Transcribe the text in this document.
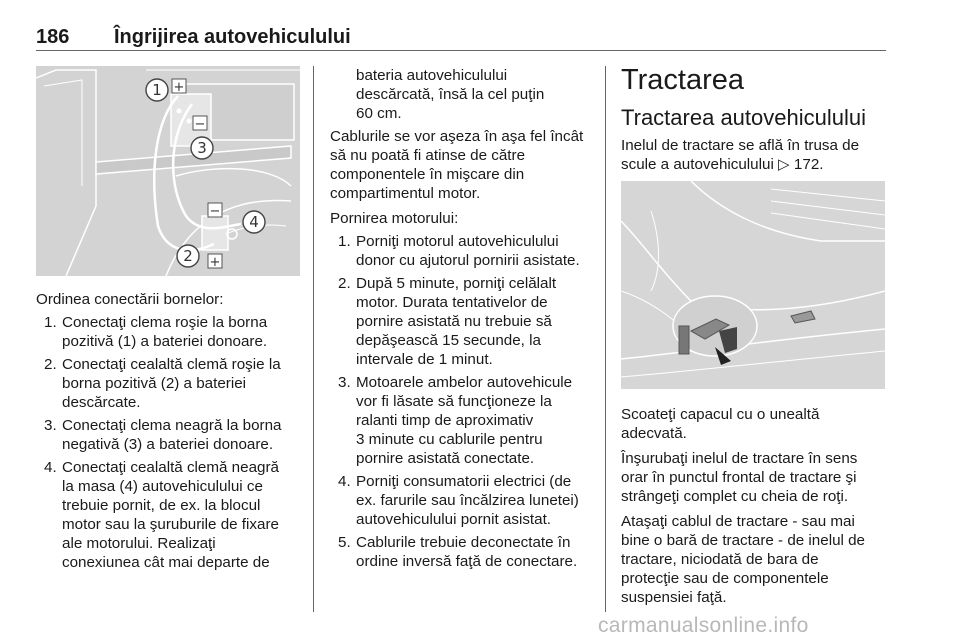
186 Îngrijirea autovehiculului
+
−
−
+
1
3
2
4

Ordinea conectării bornelor:

1. Conectaţi clema roşie la borna
pozitivă (1) a bateriei donoare.
2. Conectaţi cealaltă clemă roşie la
borna pozitivă (2) a bateriei
descărcate.
3. Conectaţi clema neagră la borna
negativă (3) a bateriei donoare.
4. Conectaţi cealaltă clemă neagră
la masa (4) autovehiculului ce
trebuie pornit, de ex. la blocul
motor sau la şuruburile de fixare
ale motorului. Realizaţi
conexiunea cât mai departe de

bateria autovehiculului
descărcată, însă la cel puţin
60 cm.

Cablurile se vor aşeza în aşa fel încât
să nu poată fi atinse de către
componentele în mişcare din
compartimentul motor.

Pornirea motorului:

1. Porniţi motorul autovehiculului
donor cu ajutorul pornirii asistate.
2. După 5 minute, porniţi celălalt
motor. Durata tentativelor de
pornire asistată nu trebuie să
depăşească 15 secunde, la
intervale de 1 minut.
3. Motoarele ambelor autovehicule
vor fi lăsate să funcţioneze la
ralanti timp de aproximativ
3 minute cu cablurile pentru
pornire asistată conectate.
4. Porniţi consumatorii electrici (de
ex. farurile sau încălzirea lunetei)
autovehiculului pornit asistat.
5. Cablurile trebuie deconectate în
ordine inversă faţă de conectare.
Tractarea
Tractarea autovehiculului

Inelul de tractare se află în trusa de
scule a autovehiculului ▷ 172.

Scoateţi capacul cu o unealtă
adecvată.

Înşurubaţi inelul de tractare în sens
orar în punctul frontal de tractare şi
strângeţi complet cu cheia de roţi.

Ataşaţi cablul de tractare - sau mai
bine o bară de tractare - de inelul de
tractare, niciodată de bara de
protecţie sau de componentele
suspensiei faţă.

carmanualsonline.info
